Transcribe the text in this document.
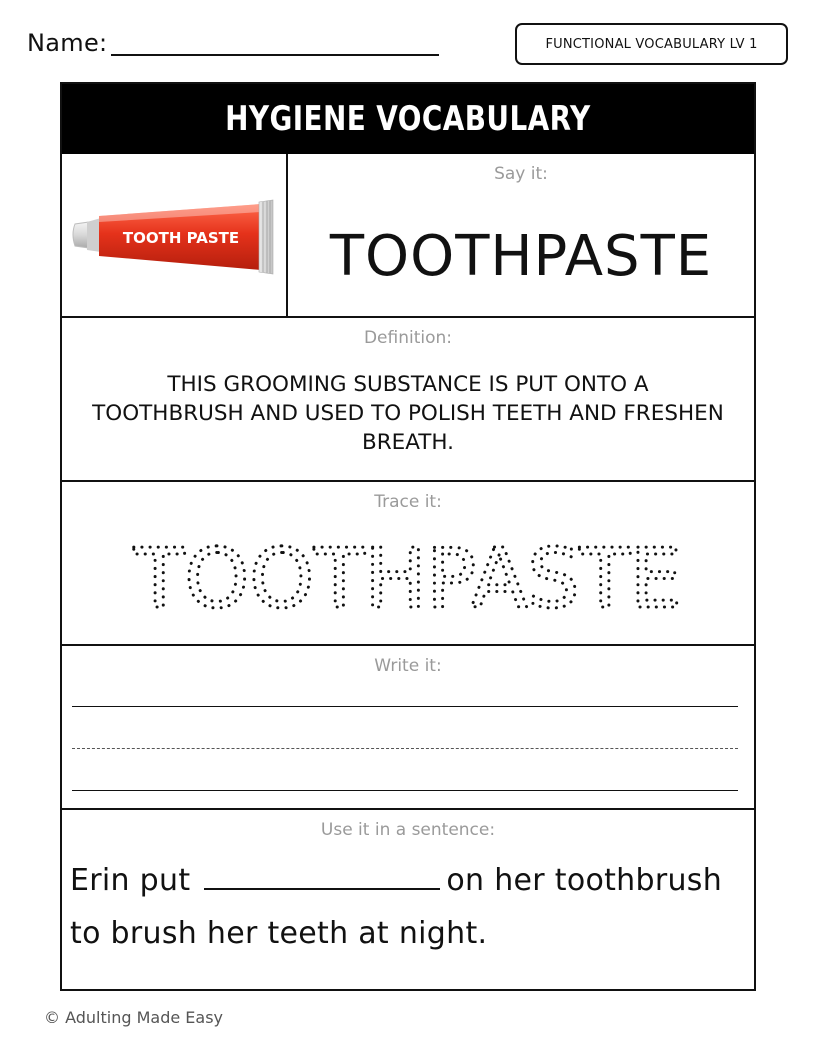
Name:	FUNCTIONAL VOCABULARY LV 1
HYGIENE VOCABULARY
TOOTH PASTE
Say it:
TOOTHPASTE
Definition:
THIS GROOMING SUBSTANCE IS PUT ONTO A TOOTHBRUSH AND USED TO POLISH TEETH AND FRESHEN BREATH.
Trace it:
TOOTHPASTE
Write it:
Use it in a sentence:
Erin put	on her toothbrush to brush her teeth at night.
© Adulting Made Easy
